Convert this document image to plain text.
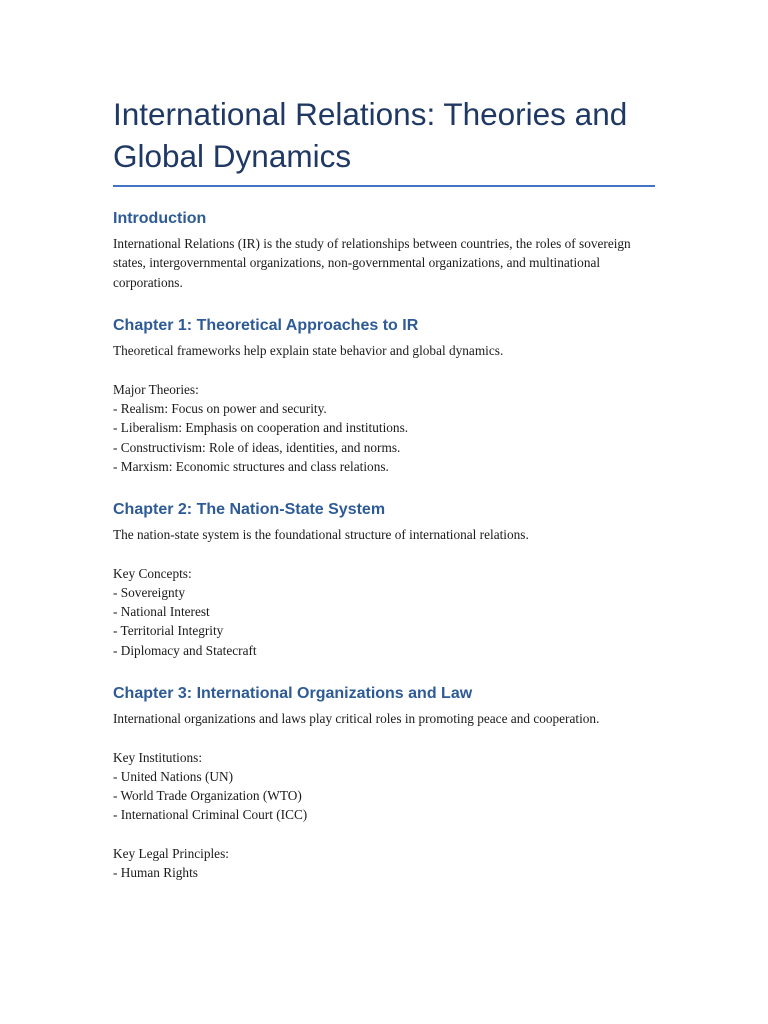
International Relations: Theories and Global Dynamics
Introduction

International Relations (IR) is the study of relationships between countries, the roles of sovereign states, intergovernmental organizations, non-governmental organizations, and multinational corporations.

Chapter 1: Theoretical Approaches to IR

Theoretical frameworks help explain state behavior and global dynamics.

Major Theories:
- Realism: Focus on power and security.
- Liberalism: Emphasis on cooperation and institutions.
- Constructivism: Role of ideas, identities, and norms.
- Marxism: Economic structures and class relations.
Chapter 2: The Nation-State System

The nation-state system is the foundational structure of international relations.

Key Concepts:
- Sovereignty
- National Interest
- Territorial Integrity
- Diplomacy and Statecraft
Chapter 3: International Organizations and Law

International organizations and laws play critical roles in promoting peace and cooperation.

Key Institutions:
- United Nations (UN)
- World Trade Organization (WTO)
- International Criminal Court (ICC)
Key Legal Principles:
- Human Rights
